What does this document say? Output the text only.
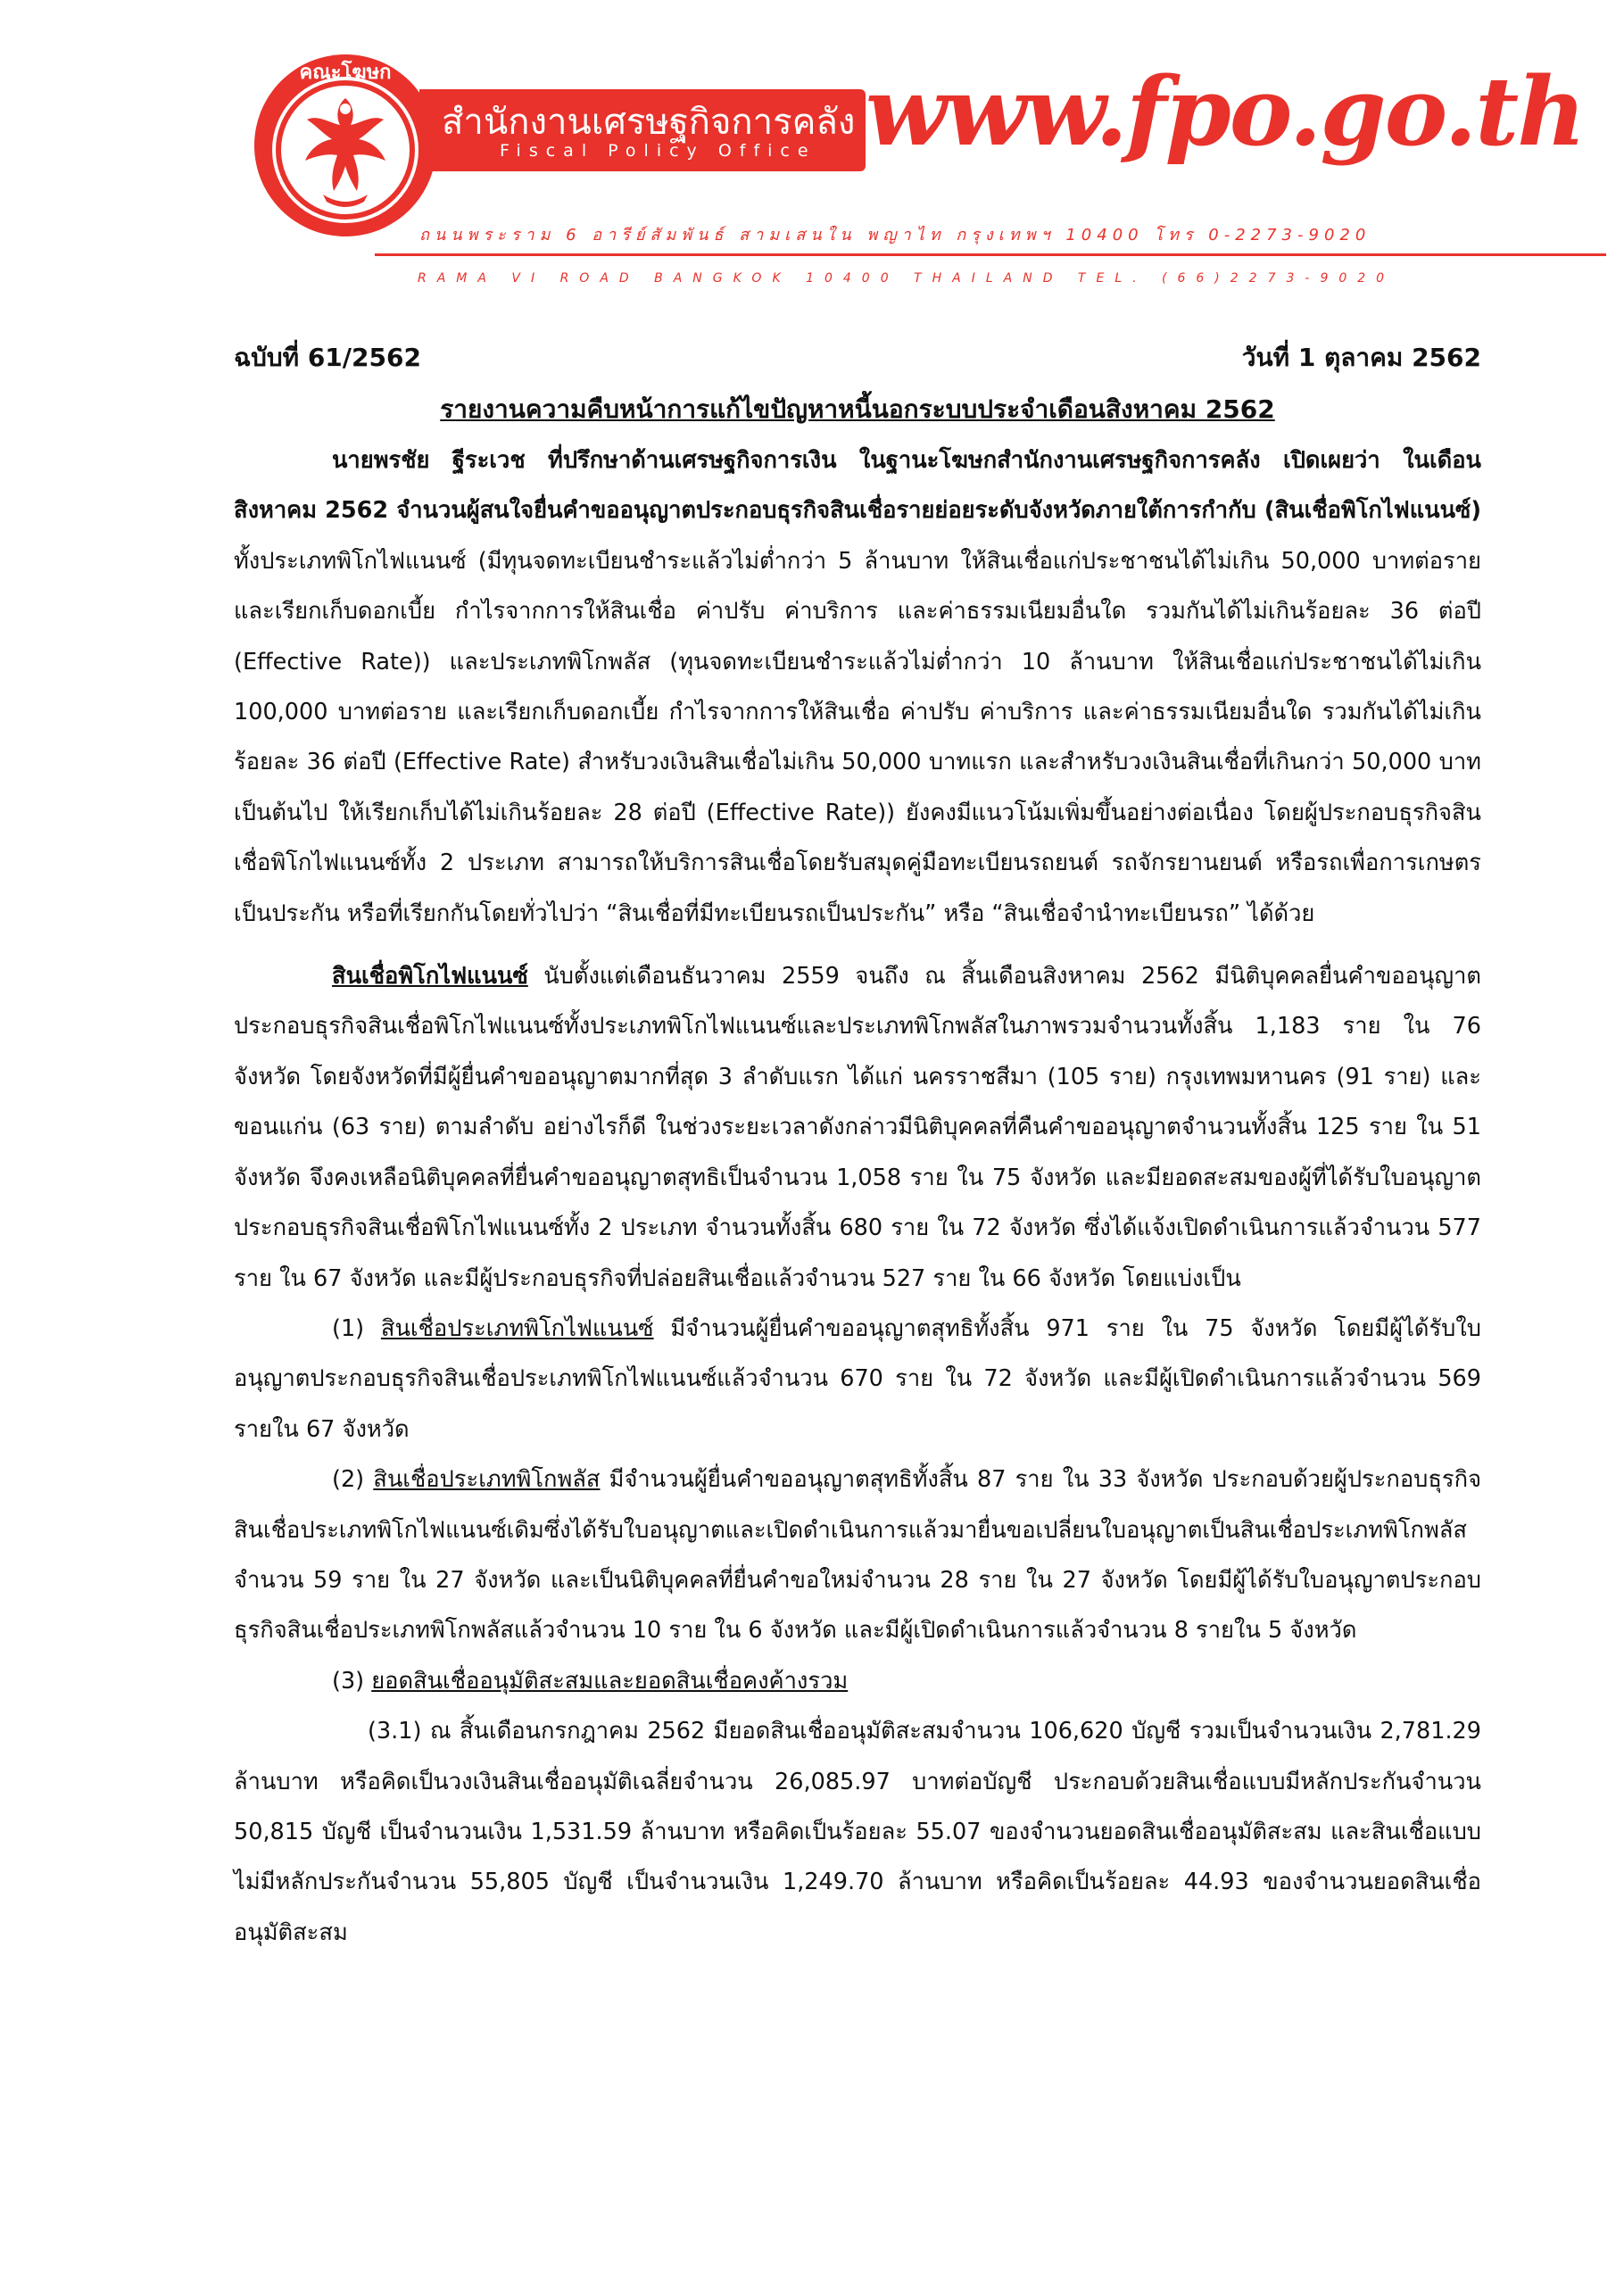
คณะโฆษก
สำนักงานเศรษฐกิจการคลัง
Fiscal Policy Office www.fpo.go.th
ถนนพระราม 6 อารีย์สัมพันธ์ สามเสนใน พญาไท กรุงเทพฯ 10400 โทร 0-2273-9020
RAMA VI ROAD BANGKOK 10400 THAILAND TEL. (66)2273-9020
ฉบับที่ 61/2562	วันที่ 1 ตุลาคม 2562
รายงานความคืบหน้าการแก้ไขปัญหาหนี้นอกระบบประจำเดือนสิงหาคม 2562

นายพรชัย ฐีระเวช ที่ปรึกษาด้านเศรษฐกิจการเงิน ในฐานะโฆษกสำนักงานเศรษฐกิจการคลัง เปิดเผยว่า ในเดือนสิงหาคม 2562 จำนวนผู้สนใจยื่นคำขออนุญาตประกอบธุรกิจสินเชื่อรายย่อยระดับจังหวัดภายใต้การกำกับ (สินเชื่อพิโกไฟแนนซ์) ทั้งประเภทพิโกไฟแนนซ์ (มีทุนจดทะเบียนชำระแล้วไม่ต่ำกว่า 5 ล้านบาท ให้สินเชื่อแก่ประชาชนได้ไม่เกิน 50,000 บาทต่อราย และเรียกเก็บดอกเบี้ย กำไรจากการให้สินเชื่อ ค่าปรับ ค่าบริการ และค่าธรรมเนียมอื่นใด รวมกันได้ไม่เกินร้อยละ 36 ต่อปี (Effective Rate)) และประเภทพิโกพลัส (ทุนจดทะเบียนชำระแล้วไม่ต่ำกว่า 10 ล้านบาท ให้สินเชื่อแก่ประชาชนได้ไม่เกิน 100,000 บาทต่อราย และเรียกเก็บดอกเบี้ย กำไรจากการให้สินเชื่อ ค่าปรับ ค่าบริการ และค่าธรรมเนียมอื่นใด รวมกันได้ไม่เกินร้อยละ 36 ต่อปี (Effective Rate) สำหรับวงเงินสินเชื่อไม่เกิน 50,000 บาทแรก และสำหรับวงเงินสินเชื่อที่เกินกว่า 50,000 บาทเป็นต้นไป ให้เรียกเก็บได้ไม่เกินร้อยละ 28 ต่อปี (Effective Rate)) ยังคงมีแนวโน้มเพิ่มขึ้นอย่างต่อเนื่อง โดยผู้ประกอบธุรกิจสินเชื่อพิโกไฟแนนซ์ทั้ง 2 ประเภท สามารถให้บริการสินเชื่อโดยรับสมุดคู่มือทะเบียนรถยนต์ รถจักรยานยนต์ หรือรถเพื่อการเกษตรเป็นประกัน หรือที่เรียกกันโดยทั่วไปว่า “สินเชื่อที่มีทะเบียนรถเป็นประกัน” หรือ “สินเชื่อจำนำทะเบียนรถ” ได้ด้วย

สินเชื่อพิโกไฟแนนซ์ นับตั้งแต่เดือนธันวาคม 2559 จนถึง ณ สิ้นเดือนสิงหาคม 2562 มีนิติบุคคลยื่นคำขออนุญาตประกอบธุรกิจสินเชื่อพิโกไฟแนนซ์ทั้งประเภทพิโกไฟแนนซ์และประเภทพิโกพลัสในภาพรวมจำนวนทั้งสิ้น 1,183 ราย ใน 76 จังหวัด โดยจังหวัดที่มีผู้ยื่นคำขออนุญาตมากที่สุด 3 ลำดับแรก ได้แก่ นครราชสีมา (105 ราย) กรุงเทพมหานคร (91 ราย) และขอนแก่น (63 ราย) ตามลำดับ อย่างไรก็ดี ในช่วงระยะเวลาดังกล่าวมีนิติบุคคลที่คืนคำขออนุญาตจำนวนทั้งสิ้น 125 ราย ใน 51 จังหวัด จึงคงเหลือนิติบุคคลที่ยื่นคำขออนุญาตสุทธิเป็นจำนวน 1,058 ราย ใน 75 จังหวัด และมียอดสะสมของผู้ที่ได้รับใบอนุญาตประกอบธุรกิจสินเชื่อพิโกไฟแนนซ์ทั้ง 2 ประเภท จำนวนทั้งสิ้น 680 ราย ใน 72 จังหวัด ซึ่งได้แจ้งเปิดดำเนินการแล้วจำนวน 577 ราย ใน 67 จังหวัด และมีผู้ประกอบธุรกิจที่ปล่อยสินเชื่อแล้วจำนวน 527 ราย ใน 66 จังหวัด โดยแบ่งเป็น

(1) สินเชื่อประเภทพิโกไฟแนนซ์ มีจำนวนผู้ยื่นคำขออนุญาตสุทธิทั้งสิ้น 971 ราย ใน 75 จังหวัด โดยมีผู้ได้รับใบอนุญาตประกอบธุรกิจสินเชื่อประเภทพิโกไฟแนนซ์แล้วจำนวน 670 ราย ใน 72 จังหวัด และมีผู้เปิดดำเนินการแล้วจำนวน 569 รายใน 67 จังหวัด

(2) สินเชื่อประเภทพิโกพลัส มีจำนวนผู้ยื่นคำขออนุญาตสุทธิทั้งสิ้น 87 ราย ใน 33 จังหวัด ประกอบด้วยผู้ประกอบธุรกิจสินเชื่อประเภทพิโกไฟแนนซ์เดิมซึ่งได้รับใบอนุญาตและเปิดดำเนินการแล้วมายื่นขอเปลี่ยนใบอนุญาตเป็นสินเชื่อประเภทพิโกพลัส จำนวน 59 ราย ใน 27 จังหวัด และเป็นนิติบุคคลที่ยื่นคำขอใหม่จำนวน 28 ราย ใน 27 จังหวัด โดยมีผู้ได้รับใบอนุญาตประกอบธุรกิจสินเชื่อประเภทพิโกพลัสแล้วจำนวน 10 ราย ใน 6 จังหวัด และมีผู้เปิดดำเนินการแล้วจำนวน 8 รายใน 5 จังหวัด

(3) ยอดสินเชื่ออนุมัติสะสมและยอดสินเชื่อคงค้างรวม

(3.1) ณ สิ้นเดือนกรกฎาคม 2562 มียอดสินเชื่ออนุมัติสะสมจำนวน 106,620 บัญชี รวมเป็นจำนวนเงิน 2,781.29 ล้านบาท หรือคิดเป็นวงเงินสินเชื่ออนุมัติเฉลี่ยจำนวน 26,085.97 บาทต่อบัญชี ประกอบด้วยสินเชื่อแบบมีหลักประกันจำนวน 50,815 บัญชี เป็นจำนวนเงิน 1,531.59 ล้านบาท หรือคิดเป็นร้อยละ 55.07 ของจำนวนยอดสินเชื่ออนุมัติสะสม และสินเชื่อแบบไม่มีหลักประกันจำนวน 55,805 บัญชี เป็นจำนวนเงิน 1,249.70 ล้านบาท หรือคิดเป็นร้อยละ 44.93 ของจำนวนยอดสินเชื่ออนุมัติสะสม
